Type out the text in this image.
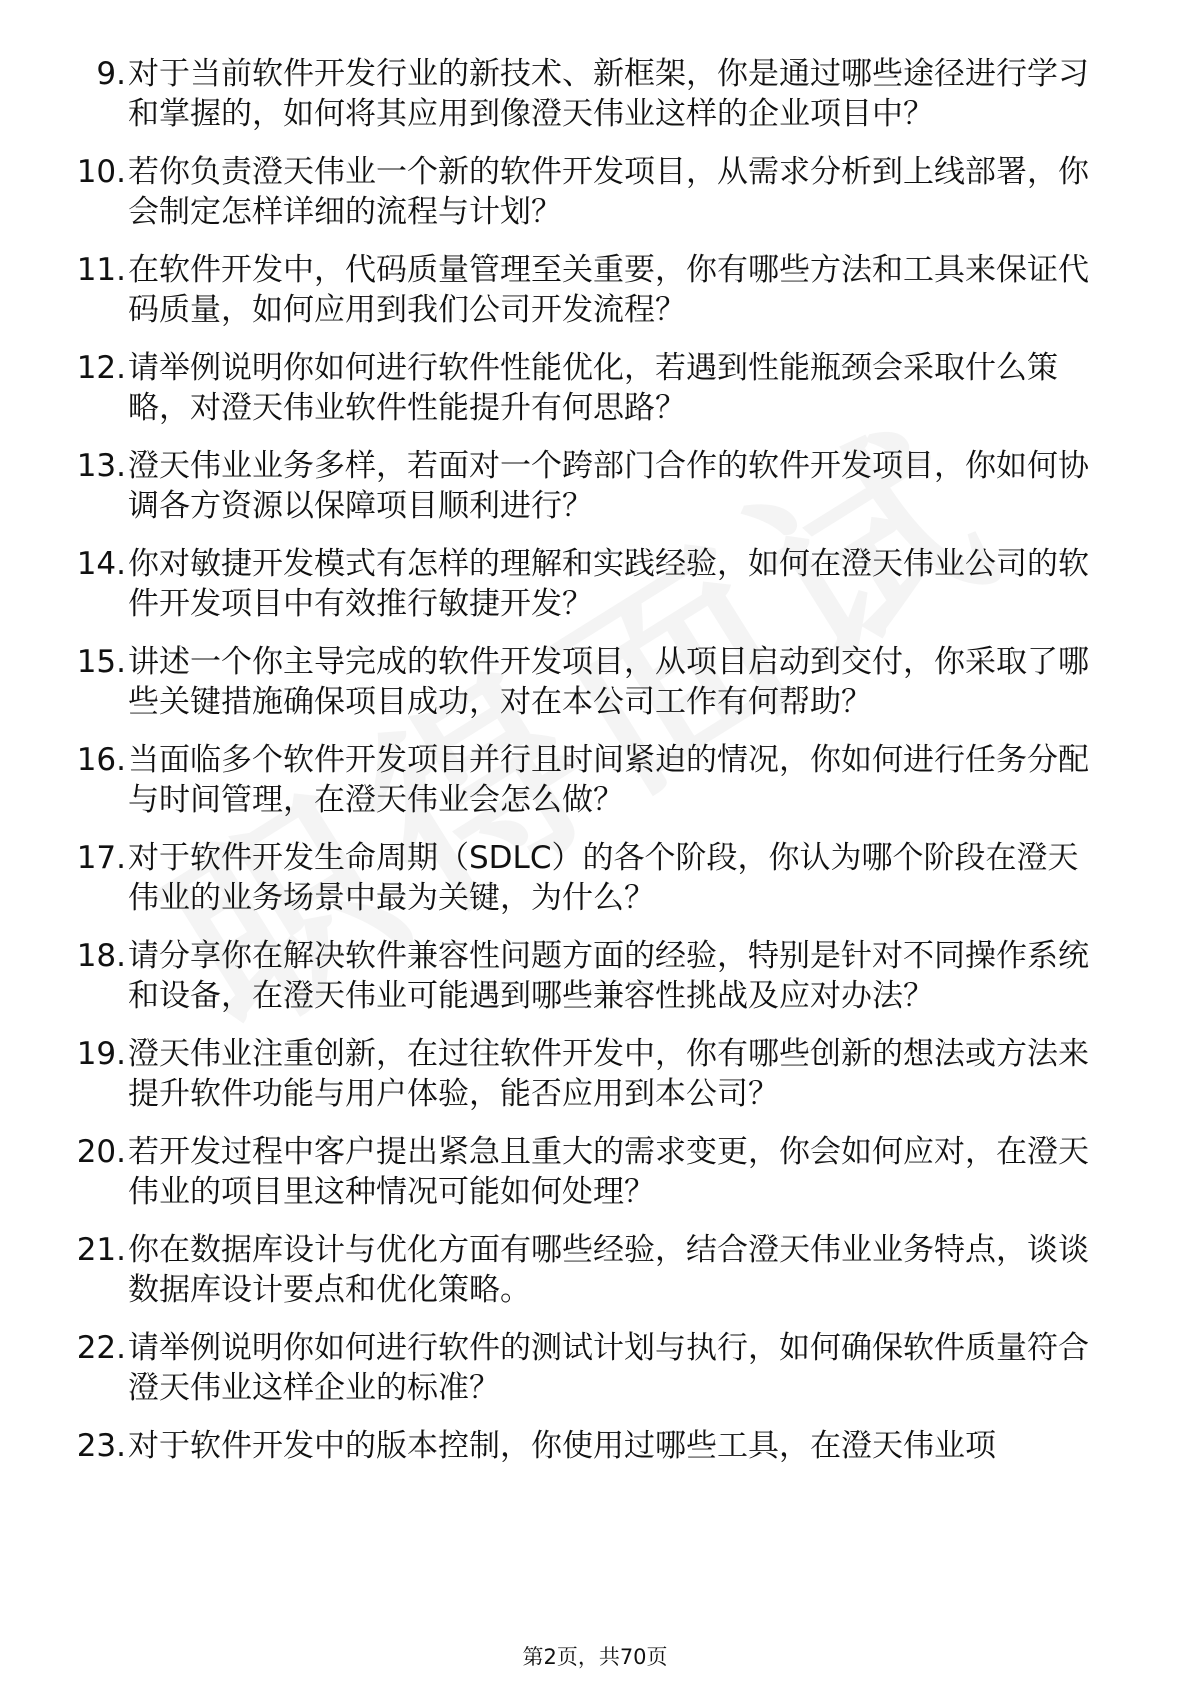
9. 对于当前软件开发行业的新技术、新框架，你是通过哪些途径进行学习和掌握的，如何将其应用到像澄天伟业这样的企业项目中？
10. 若你负责澄天伟业一个新的软件开发项目，从需求分析到上线部署，你会制定怎样详细的流程与计划？
11. 在软件开发中，代码质量管理至关重要，你有哪些方法和工具来保证代码质量，如何应用到我们公司开发流程？
12. 请举例说明你如何进行软件性能优化，若遇到性能瓶颈会采取什么策略，对澄天伟业软件性能提升有何思路？
13. 澄天伟业业务多样，若面对一个跨部门合作的软件开发项目，你如何协调各方资源以保障项目顺利进行？
14. 你对敏捷开发模式有怎样的理解和实践经验，如何在澄天伟业公司的软件开发项目中有效推行敏捷开发？
15. 讲述一个你主导完成的软件开发项目，从项目启动到交付，你采取了哪些关键措施确保项目成功，对在本公司工作有何帮助？
16. 当面临多个软件开发项目并行且时间紧迫的情况，你如何进行任务分配与时间管理，在澄天伟业会怎么做？
17. 对于软件开发生命周期（SDLC）的各个阶段，你认为哪个阶段在澄天伟业的业务场景中最为关键，为什么？
18. 请分享你在解决软件兼容性问题方面的经验，特别是针对不同操作系统和设备，在澄天伟业可能遇到哪些兼容性挑战及应对办法？
19. 澄天伟业注重创新，在过往软件开发中，你有哪些创新的想法或方法来提升软件功能与用户体验，能否应用到本公司？
20. 若开发过程中客户提出紧急且重大的需求变更，你会如何应对，在澄天伟业的项目里这种情况可能如何处理？
21. 你在数据库设计与优化方面有哪些经验，结合澄天伟业业务特点，谈谈数据库设计要点和优化策略。
22. 请举例说明你如何进行软件的测试计划与执行，如何确保软件质量符合澄天伟业这样企业的标准？
23. 对于软件开发中的版本控制，你使用过哪些工具，在澄天伟业项
第2页，共70页
